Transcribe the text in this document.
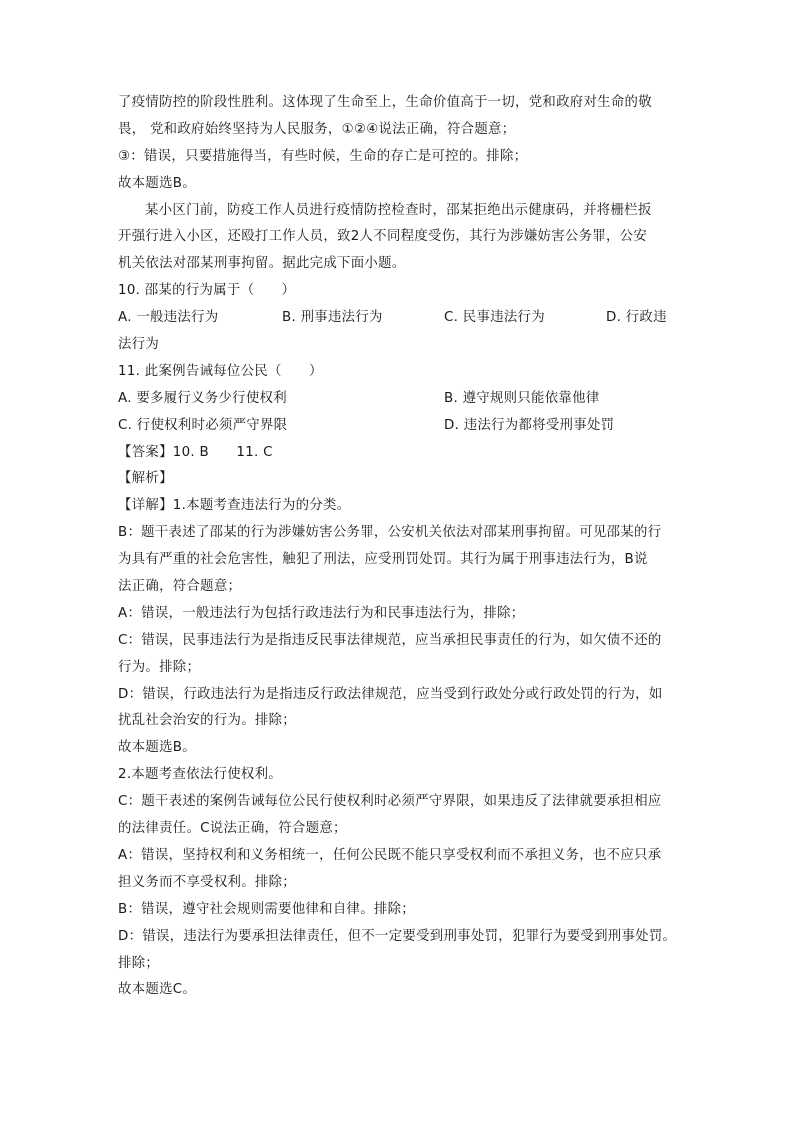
了疫情防控的阶段性胜利。这体现了生命至上，生命价值高于一切，党和政府对生命的敬
畏， 党和政府始终坚持为人民服务，①②④说法正确，符合题意；
③：错误，只要措施得当，有些时候，生命的存亡是可控的。排除；
故本题选B。
某小区门前，防疫工作人员进行疫情防控检查时，邵某拒绝出示健康码，并将栅栏扳
开强行进入小区，还殴打工作人员，致2人不同程度受伤，其行为涉嫌妨害公务罪，公安
机关依法对邵某刑事拘留。据此完成下面小题。
10. 邵某的行为属于（　　）
A. 一般违法行为	B. 刑事违法行为	C. 民事违法行为	D. 行政违
法行为
11. 此案例告诫每位公民（　　）
A. 要多履行义务少行使权利	B. 遵守规则只能依靠他律
C. 行使权利时必须严守界限	D. 违法行为都将受刑事处罚
【答案】10. B　　11. C
【解析】
【详解】1.本题考查违法行为的分类。
B：题干表述了邵某的行为涉嫌妨害公务罪，公安机关依法对邵某刑事拘留。可见邵某的行
为具有严重的社会危害性，触犯了刑法，应受刑罚处罚。其行为属于刑事违法行为，B说
法正确，符合题意；
A：错误，一般违法行为包括行政违法行为和民事违法行为，排除；
C：错误，民事违法行为是指违反民事法律规范，应当承担民事责任的行为，如欠债不还的
行为。排除；
D：错误，行政违法行为是指违反行政法律规范，应当受到行政处分或行政处罚的行为，如
扰乱社会治安的行为。排除；
故本题选B。
2.本题考查依法行使权利。
C：题干表述的案例告诫每位公民行使权利时必须严守界限，如果违反了法律就要承担相应
的法律责任。C说法正确，符合题意；
A：错误，坚持权利和义务相统一，任何公民既不能只享受权利而不承担义务，也不应只承
担义务而不享受权利。排除；
B：错误，遵守社会规则需要他律和自律。排除；
D：错误，违法行为要承担法律责任，但不一定要受到刑事处罚，犯罪行为要受到刑事处罚。
排除；
故本题选C。
